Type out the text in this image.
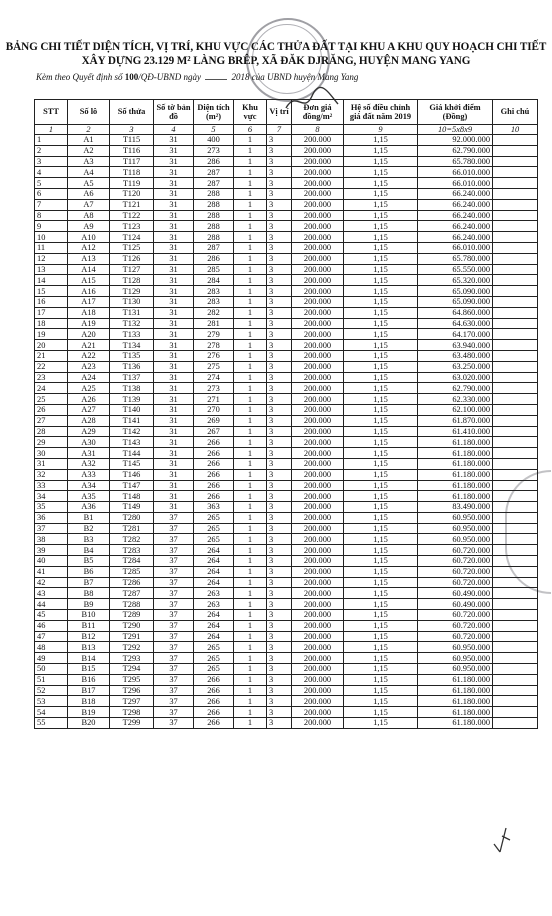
BẢNG CHI TIẾT DIỆN TÍCH, VỊ TRÍ, KHU VỰC CÁC THỬA ĐẤT TẠI KHU A KHU QUY HOẠCH CHI TIẾT
XÂY DỰNG 23.129 M² LÀNG BRÊP, XÃ ĐĂK DJRĂNG, HUYỆN MANG YANG
Kèm theo Quyết định số 100/QĐ-UBND ngày	2018 của UBND huyện Mang Yang
STT	Số lô	Số thửa	Số tờ bản đồ	Diện tích (m²)	Khu vực	Vị trí	Đơn giá đồng/m²	Hệ số điều chỉnh giá đất năm 2019	Giá khởi điểm (Đồng)	Ghi chú
1	2	3	4	5	6	7	8	9	10=5x8x9	10
1	A1	T115	31	400	1	3	200.000	1,15	92.000.000	
2	A2	T116	31	273	1	3	200.000	1,15	62.790.000	
3	A3	T117	31	286	1	3	200.000	1,15	65.780.000	
4	A4	T118	31	287	1	3	200.000	1,15	66.010.000	
5	A5	T119	31	287	1	3	200.000	1,15	66.010.000	
6	A6	T120	31	288	1	3	200.000	1,15	66.240.000	
7	A7	T121	31	288	1	3	200.000	1,15	66.240.000	
8	A8	T122	31	288	1	3	200.000	1,15	66.240.000	
9	A9	T123	31	288	1	3	200.000	1,15	66.240.000	
10	A10	T124	31	288	1	3	200.000	1,15	66.240.000	
11	A12	T125	31	287	1	3	200.000	1,15	66.010.000	
12	A13	T126	31	286	1	3	200.000	1,15	65.780.000	
13	A14	T127	31	285	1	3	200.000	1,15	65.550.000	
14	A15	T128	31	284	1	3	200.000	1,15	65.320.000	
15	A16	T129	31	283	1	3	200.000	1,15	65.090.000	
16	A17	T130	31	283	1	3	200.000	1,15	65.090.000	
17	A18	T131	31	282	1	3	200.000	1,15	64.860.000	
18	A19	T132	31	281	1	3	200.000	1,15	64.630.000	
19	A20	T133	31	279	1	3	200.000	1,15	64.170.000	
20	A21	T134	31	278	1	3	200.000	1,15	63.940.000	
21	A22	T135	31	276	1	3	200.000	1,15	63.480.000	
22	A23	T136	31	275	1	3	200.000	1,15	63.250.000	
23	A24	T137	31	274	1	3	200.000	1,15	63.020.000	
24	A25	T138	31	273	1	3	200.000	1,15	62.790.000	
25	A26	T139	31	271	1	3	200.000	1,15	62.330.000	
26	A27	T140	31	270	1	3	200.000	1,15	62.100.000	
27	A28	T141	31	269	1	3	200.000	1,15	61.870.000	
28	A29	T142	31	267	1	3	200.000	1,15	61.410.000	
29	A30	T143	31	266	1	3	200.000	1,15	61.180.000	
30	A31	T144	31	266	1	3	200.000	1,15	61.180.000	
31	A32	T145	31	266	1	3	200.000	1,15	61.180.000	
32	A33	T146	31	266	1	3	200.000	1,15	61.180.000	
33	A34	T147	31	266	1	3	200.000	1,15	61.180.000	
34	A35	T148	31	266	1	3	200.000	1,15	61.180.000	
35	A36	T149	31	363	1	3	200.000	1,15	83.490.000	
36	B1	T280	37	265	1	3	200.000	1,15	60.950.000	
37	B2	T281	37	265	1	3	200.000	1,15	60.950.000	
38	B3	T282	37	265	1	3	200.000	1,15	60.950.000	
39	B4	T283	37	264	1	3	200.000	1,15	60.720.000	
40	B5	T284	37	264	1	3	200.000	1,15	60.720.000	
41	B6	T285	37	264	1	3	200.000	1,15	60.720.000	
42	B7	T286	37	264	1	3	200.000	1,15	60.720.000	
43	B8	T287	37	263	1	3	200.000	1,15	60.490.000	
44	B9	T288	37	263	1	3	200.000	1,15	60.490.000	
45	B10	T289	37	264	1	3	200.000	1,15	60.720.000	
46	B11	T290	37	264	1	3	200.000	1,15	60.720.000	
47	B12	T291	37	264	1	3	200.000	1,15	60.720.000	
48	B13	T292	37	265	1	3	200.000	1,15	60.950.000	
49	B14	T293	37	265	1	3	200.000	1,15	60.950.000	
50	B15	T294	37	265	1	3	200.000	1,15	60.950.000	
51	B16	T295	37	266	1	3	200.000	1,15	61.180.000	
52	B17	T296	37	266	1	3	200.000	1,15	61.180.000	
53	B18	T297	37	266	1	3	200.000	1,15	61.180.000	
54	B19	T298	37	266	1	3	200.000	1,15	61.180.000	
55	B20	T299	37	266	1	3	200.000	1,15	61.180.000	
